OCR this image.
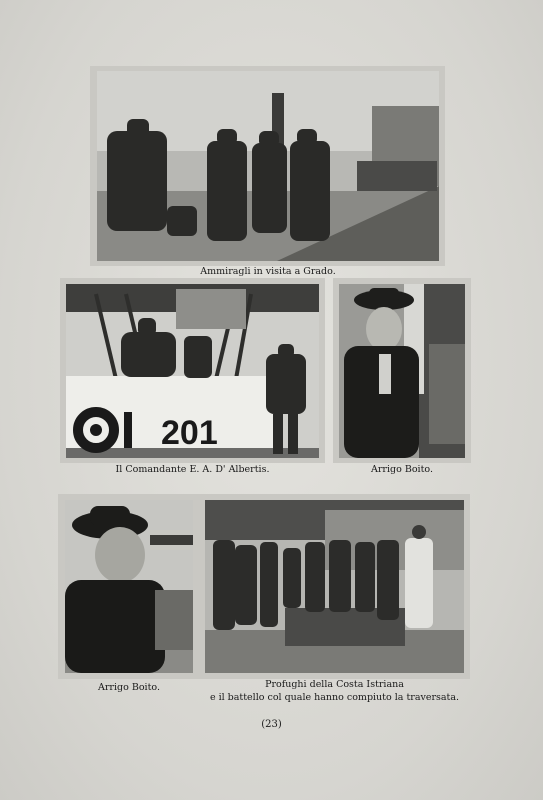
Ammiragli in visita a Grado.
201
Il Comandante E. A. D' Albertis.	Arrigo Boito.
Arrigo Boito.	Profughi della Costa Istriana
e il battello col quale hanno compiuto la traversata.
(23)
